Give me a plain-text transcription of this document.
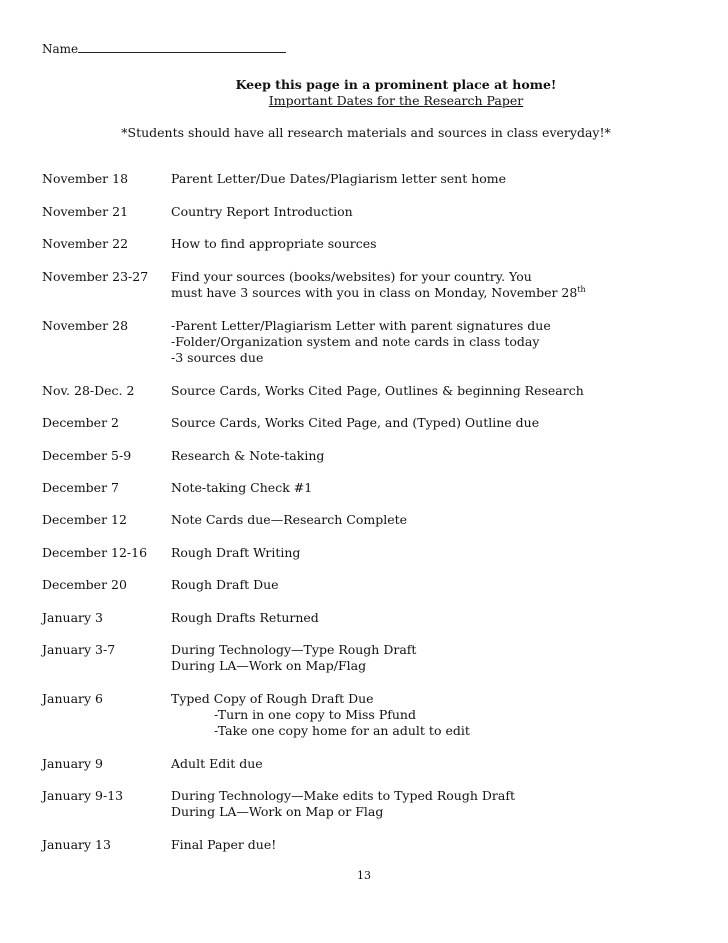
Name
Keep this page in a prominent place at home!
Important Dates for the Research Paper
*Students should have all research materials and sources in class everyday!*
November 18	Parent Letter/Due Dates/Plagiarism letter sent home
November 21	Country Report Introduction
November 22	How to find appropriate sources
November 23-27	Find your sources (books/websites) for your country. You
must have 3 sources with you in class on Monday, November 28th
November 28	-Parent Letter/Plagiarism Letter with parent signatures due
-Folder/Organization system and note cards in class today
-3 sources due
Nov. 28-Dec. 2	Source Cards, Works Cited Page, Outlines & beginning Research
December 2	Source Cards, Works Cited Page, and (Typed) Outline due
December 5-9	Research & Note-taking
December 7	Note-taking Check #1
December 12	Note Cards due—Research Complete
December 12-16	Rough Draft Writing
December 20	Rough Draft Due
January 3	Rough Drafts Returned
January 3-7	During Technology—Type Rough Draft
During LA—Work on Map/Flag
January 6	Typed Copy of Rough Draft Due
-Turn in one copy to Miss Pfund
-Take one copy home for an adult to edit
January 9	Adult Edit due
January 9-13	During Technology—Make edits to Typed Rough Draft
During LA—Work on Map or Flag
January 13	Final Paper due!
13
